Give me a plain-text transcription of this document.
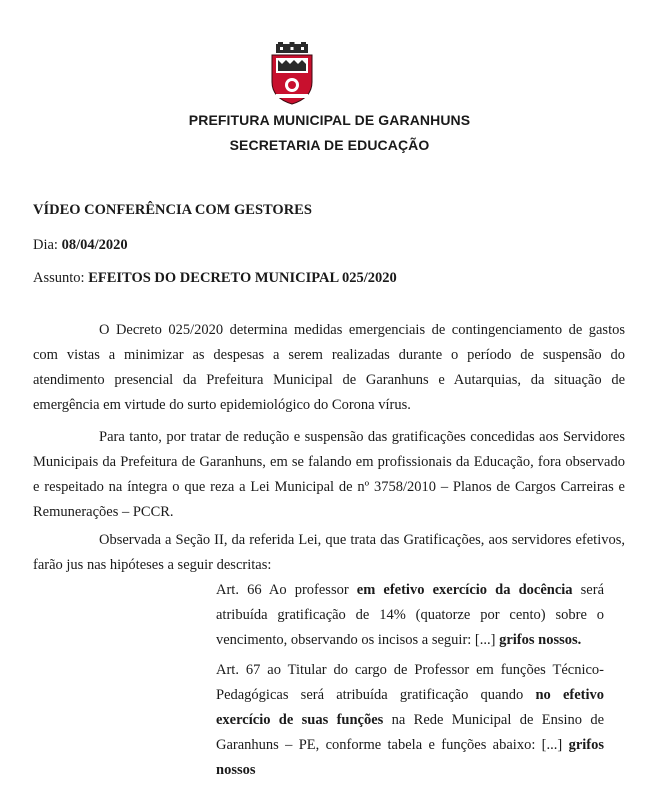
PREFITURA MUNICIPAL DE GARANHUNS
SECRETARIA DE EDUCAÇÃO
VÍDEO CONFERÊNCIA COM GESTORES
Dia: 08/04/2020
Assunto: EFEITOS DO DECRETO MUNICIPAL 025/2020
O Decreto 025/2020 determina medidas emergenciais de contingenciamento de gastos com vistas a minimizar as despesas a serem realizadas durante o período de suspensão do atendimento presencial da Prefeitura Municipal de Garanhuns e Autarquias, da situação de emergência em virtude do surto epidemiológico do Corona vírus.
Para tanto, por tratar de redução e suspensão das gratificações concedidas aos Servidores Municipais da Prefeitura de Garanhuns, em se falando em profissionais da Educação, fora observado e respeitado na íntegra o que reza a Lei Municipal de nº 3758/2010 – Planos de Cargos Carreiras e Remunerações – PCCR.
Observada a Seção II, da referida Lei, que trata das Gratificações, aos servidores efetivos, farão jus nas hipóteses a seguir descritas:
Art. 66 Ao professor em efetivo exercício da docência será atribuída gratificação de 14% (quatorze por cento) sobre o vencimento, observando os incisos a seguir: [...] grifos nossos.
Art. 67 ao Titular do cargo de Professor em funções Técnico-Pedagógicas será atribuída gratificação quando no efetivo exercício de suas funções na Rede Municipal de Ensino de Garanhuns – PE, conforme tabela e funções abaixo: [...] grifos nossos
